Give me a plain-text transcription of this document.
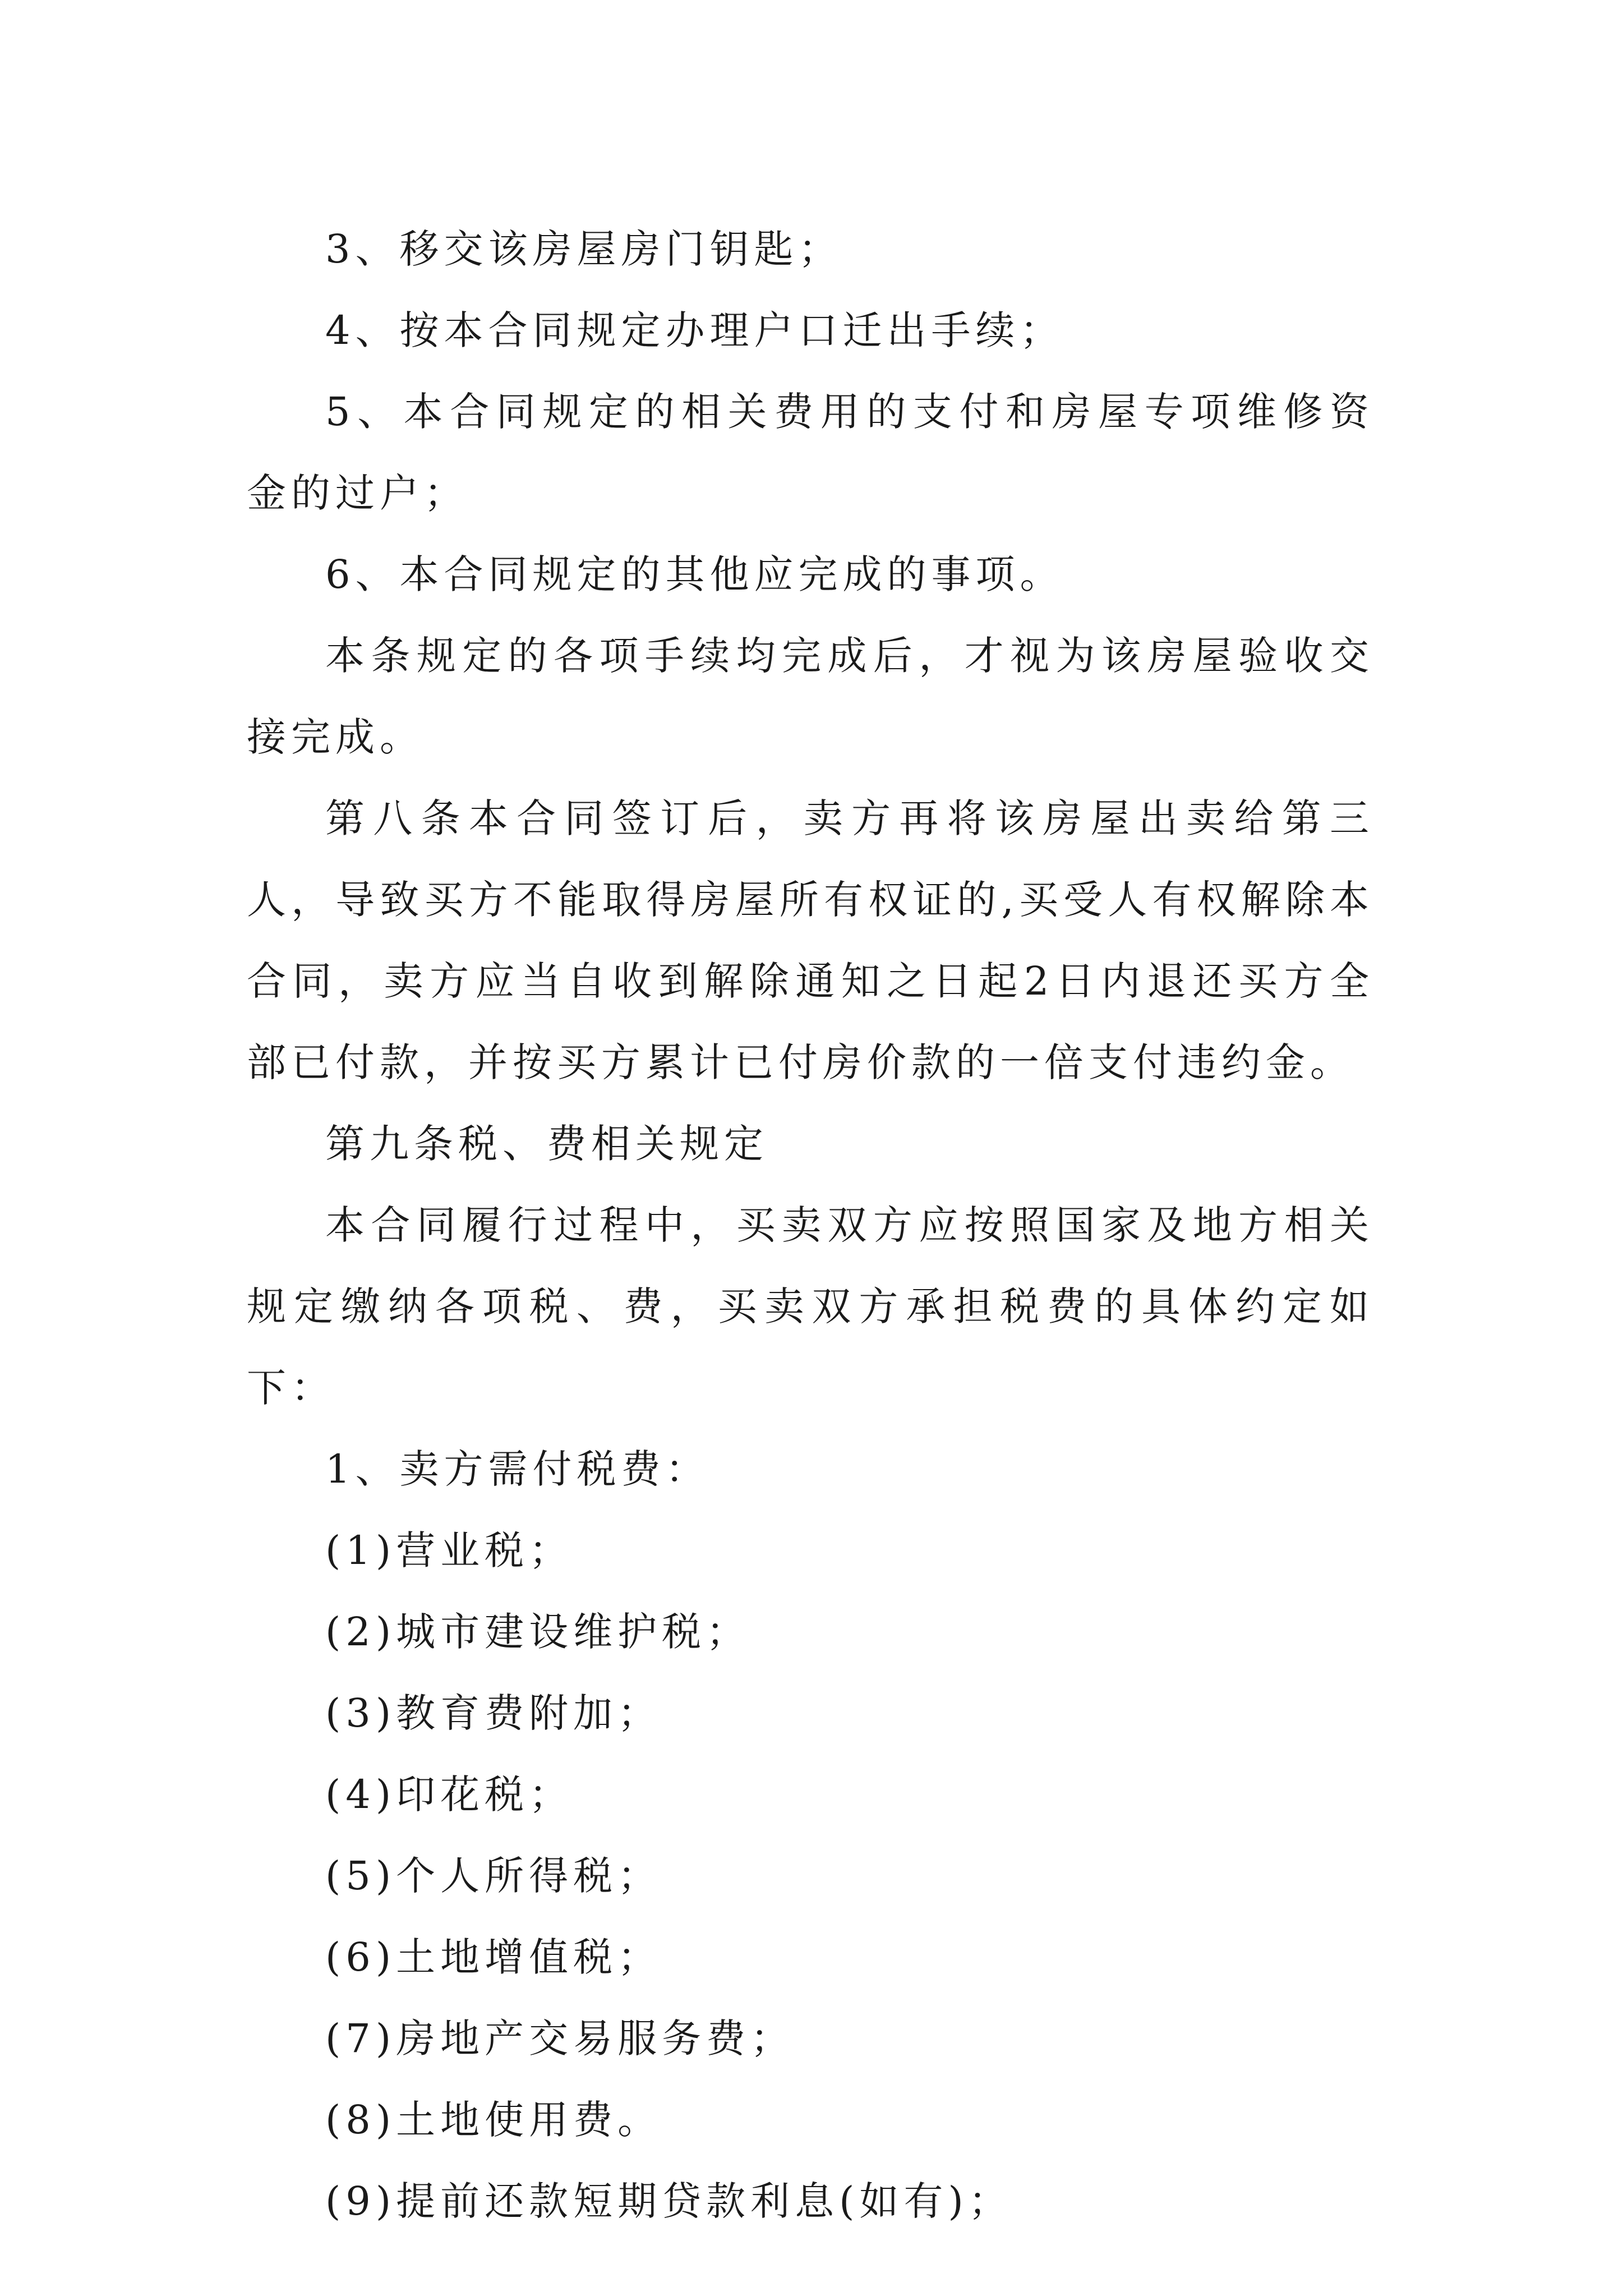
3、移交该房屋房门钥匙；

4、按本合同规定办理户口迁出手续；

5、本合同规定的相关费用的支付和房屋专项维修资金的过户；

6、本合同规定的其他应完成的事项。

本条规定的各项手续均完成后，才视为该房屋验收交接完成。

第八条本合同签订后，卖方再将该房屋出卖给第三人，导致买方不能取得房屋所有权证的,买受人有权解除本合同，卖方应当自收到解除通知之日起2日内退还买方全部已付款，并按买方累计已付房价款的一倍支付违约金。

第九条税、费相关规定

本合同履行过程中，买卖双方应按照国家及地方相关规定缴纳各项税、费，买卖双方承担税费的具体约定如下：

1、卖方需付税费：

(1)营业税；

(2)城市建设维护税；

(3)教育费附加；

(4)印花税；

(5)个人所得税；

(6)土地增值税；

(7)房地产交易服务费；

(8)土地使用费。

(9)提前还款短期贷款利息(如有)；
